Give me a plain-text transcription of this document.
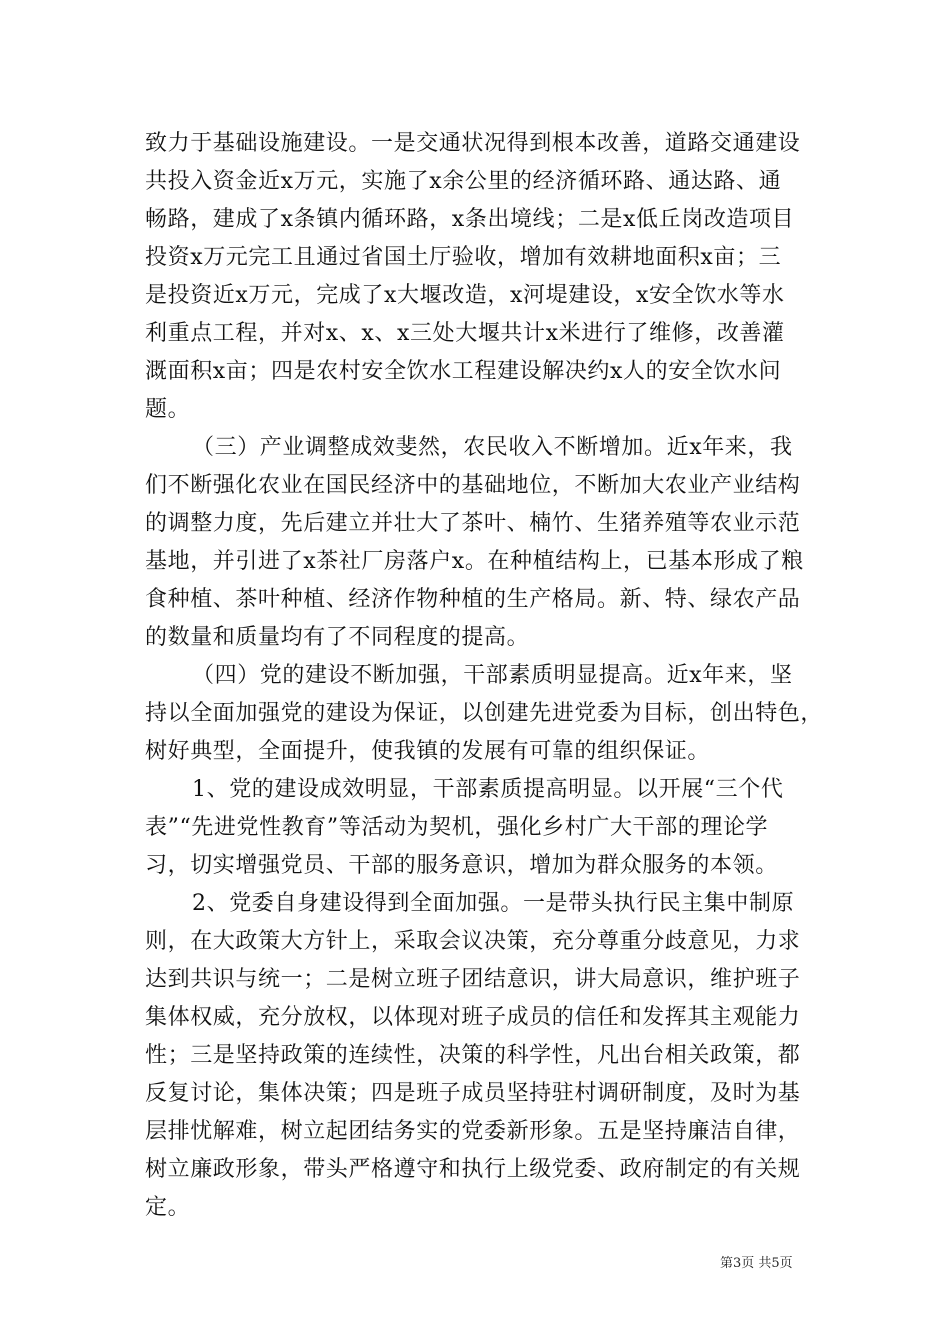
致力于基础设施建设。一是交通状况得到根本改善，道路交通建设
共投入资金近x万元，实施了x余公里的经济循环路、通达路、通
畅路，建成了x条镇内循环路，x条出境线；二是x低丘岗改造项目
投资x万元完工且通过省国土厅验收，增加有效耕地面积x亩；三
是投资近x万元，完成了x大堰改造，x河堤建设，x安全饮水等水
利重点工程，并对x、x、x三处大堰共计x米进行了维修，改善灌
溉面积x亩；四是农村安全饮水工程建设解决约x人的安全饮水问
题。
（三）产业调整成效斐然，农民收入不断增加。近x年来，我
们不断强化农业在国民经济中的基础地位，不断加大农业产业结构
的调整力度，先后建立并壮大了茶叶、楠竹、生猪养殖等农业示范
基地，并引进了x茶社厂房落户x。在种植结构上，已基本形成了粮
食种植、茶叶种植、经济作物种植的生产格局。新、特、绿农产品
的数量和质量均有了不同程度的提高。
（四）党的建设不断加强，干部素质明显提高。近x年来，坚
持以全面加强党的建设为保证，以创建先进党委为目标，创出特色，
树好典型，全面提升，使我镇的发展有可靠的组织保证。
1、党的建设成效明显，干部素质提高明显。以开展“三个代
表”“先进党性教育”等活动为契机，强化乡村广大干部的理论学
习，切实增强党员、干部的服务意识，增加为群众服务的本领。
2、党委自身建设得到全面加强。一是带头执行民主集中制原
则，在大政策大方针上，采取会议决策，充分尊重分歧意见，力求
达到共识与统一；二是树立班子团结意识，讲大局意识，维护班子
集体权威，充分放权，以体现对班子成员的信任和发挥其主观能力
性；三是坚持政策的连续性，决策的科学性，凡出台相关政策，都
反复讨论，集体决策；四是班子成员坚持驻村调研制度，及时为基
层排忧解难，树立起团结务实的党委新形象。五是坚持廉洁自律，
树立廉政形象，带头严格遵守和执行上级党委、政府制定的有关规
定。
第3页 共5页
